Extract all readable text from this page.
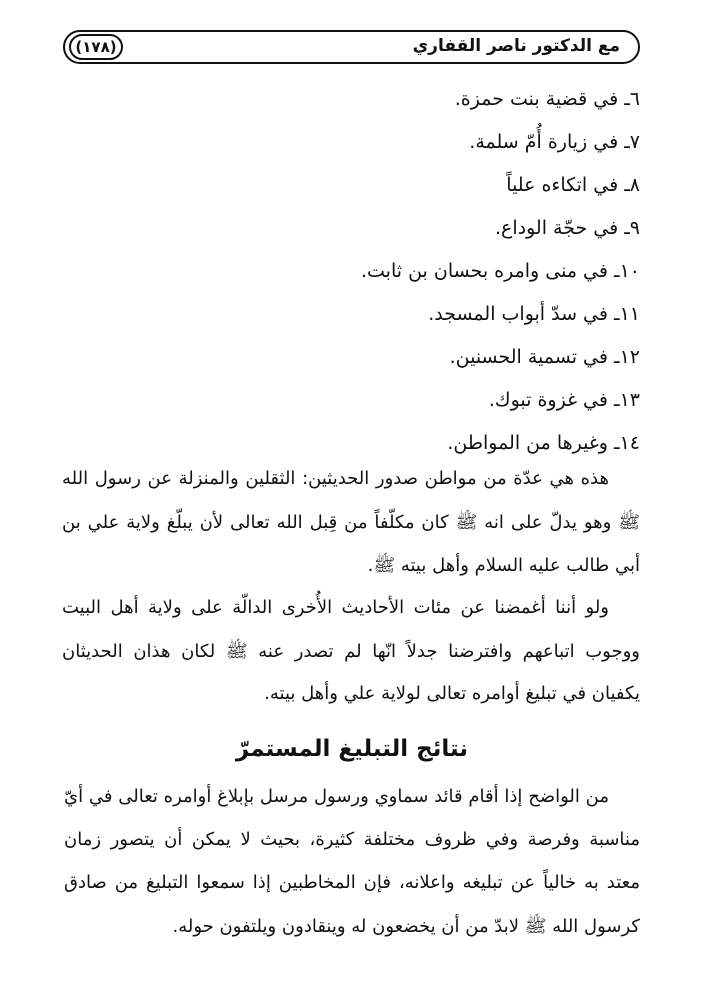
مع الدكتور ناصر القفاري
(١٧٨)
٦ـ في قضية بنت حمزة.
٧ـ في زيارة أُمّ سلمة.
٨ـ في اتكاءه علياً
٩ـ في حجّة الوداع.
١٠ـ في منى وامره بحسان بن ثابت.
١١ـ في سدّ أبواب المسجد.
١٢ـ في تسمية الحسنين.
١٣ـ في غزوة تبوك.
١٤ـ وغيرها من المواطن.
هذه هي عدّة من مواطن صدور الحديثين: الثقلين والمنزلة عن رسول الله
ﷺ وهو يدلّ على انه ﷺ كان مكلّفاً من قِبل الله تعالى لأن يبلّغ ولاية علي بن
أبي طالب عليه السلام وأهل بيته ﷺ.
ولو أننا أغمضنا عن مئات الأحاديث الأُخرى الدالّة على ولاية أهل البيت
ووجوب اتباعهم وافترضنا جدلاً انّها لم تصدر عنه ﷺ لكان هذان الحديثان
يكفيان في تبليغ أوامره تعالى لولاية علي وأهل بيته.
نتائج التبليغ المستمرّ
من الواضح إذا أقام قائد سماوي ورسول مرسل بإبلاغ أوامره تعالى في أيّ
مناسبة وفرصة وفي ظروف مختلفة كثيرة، بحيث لا يمكن أن يتصور زمان
معتد به خالياً عن تبليغه واعلانه، فإن المخاطبين إذا سمعوا التبليغ من صادق
كرسول الله ﷺ لابدّ من أن يخضعون له وينقادون ويلتفون حوله.
